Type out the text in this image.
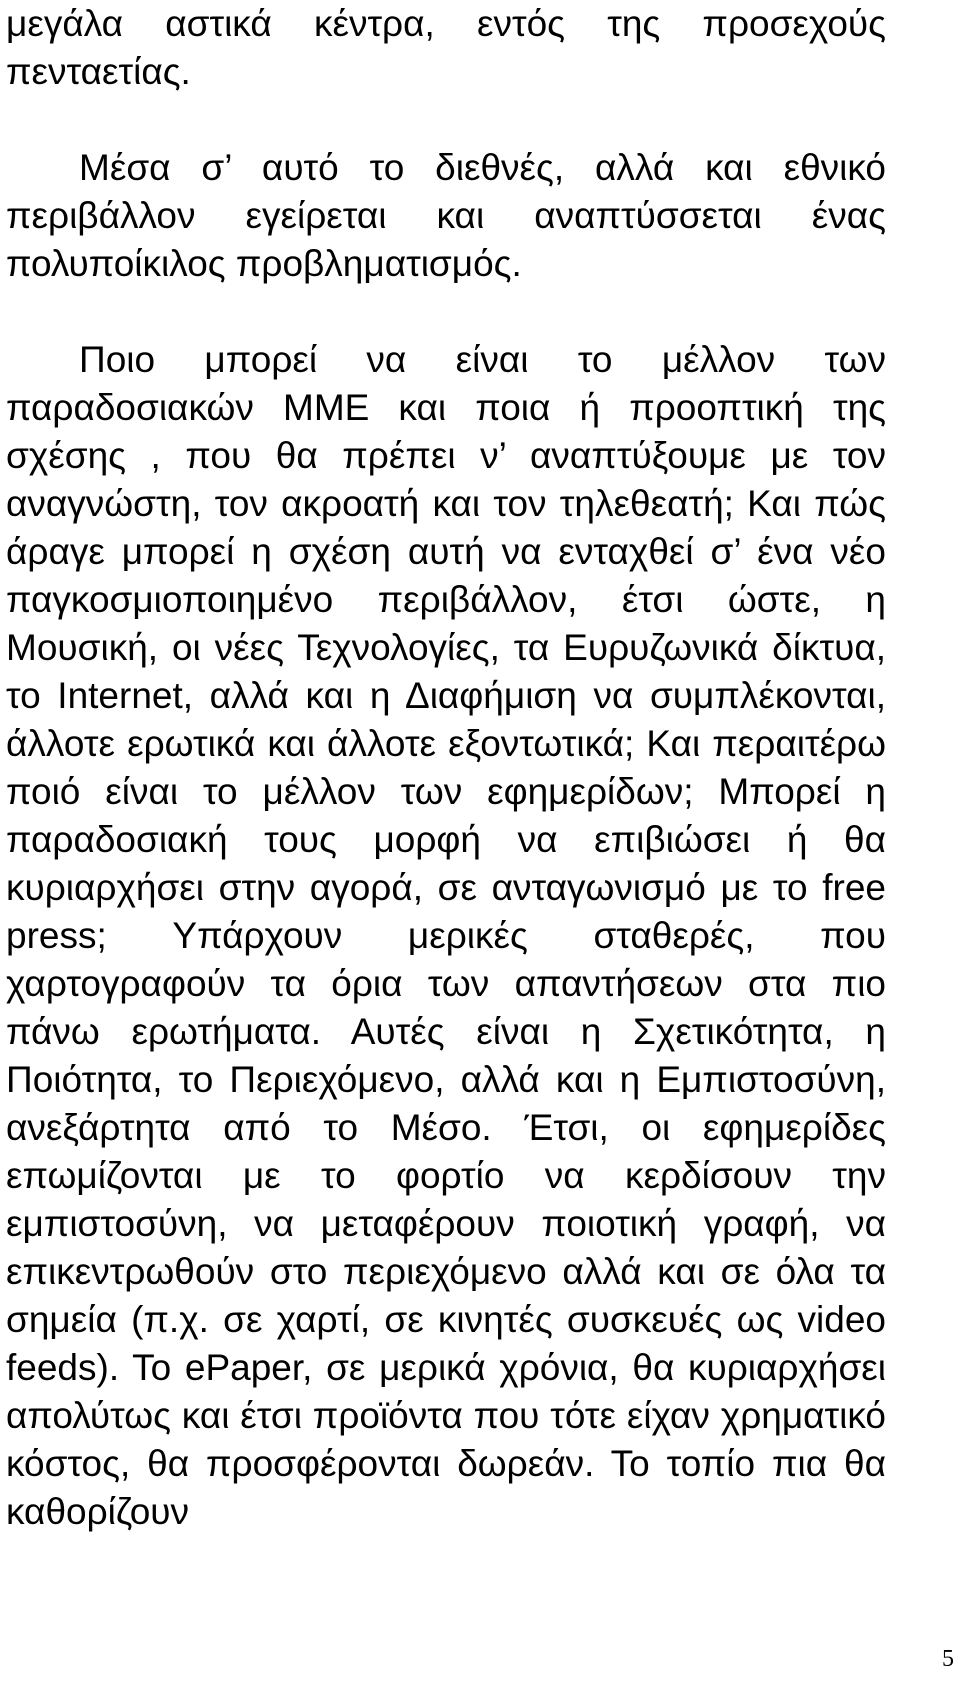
μεγάλα αστικά κέντρα, εντός της προσεχούς πενταετίας.

Μέσα σ’ αυτό το διεθνές, αλλά και εθνικό περιβάλλον εγείρεται και αναπτύσσεται ένας πολυποίκιλος προβληματισμός.

Ποιο μπορεί να είναι το μέλλον των παραδοσιακών ΜΜΕ και ποια ή προοπτική της σχέσης , που θα πρέπει ν’ αναπτύξουμε με τον αναγνώστη, τον ακροατή και τον τηλεθεατή; Και πώς άραγε μπορεί η σχέση αυτή να ενταχθεί σ’ ένα νέο παγκοσμιοποιημένο περιβάλλον, έτσι ώστε, η Μουσική, οι νέες Τεχνολογίες, τα Ευρυζωνικά δίκτυα, το Internet, αλλά και η Διαφήμιση να συμπλέκονται, άλλοτε ερωτικά και άλλοτε εξοντωτικά; Και περαιτέρω ποιό είναι το μέλλον των εφημερίδων; Μπορεί η παραδοσιακή τους μορφή να επιβιώσει ή θα κυριαρχήσει στην αγορά, σε ανταγωνισμό με το free press; Υπάρχουν μερικές σταθερές, που χαρτογραφούν τα όρια των απαντήσεων στα πιο πάνω ερωτήματα. Αυτές είναι η Σχετικότητα, η Ποιότητα, το Περιεχόμενο, αλλά και η Εμπιστοσύνη, ανεξάρτητα από το Μέσο. Έτσι, οι εφημερίδες επωμίζονται με το φορτίο να κερδίσουν την εμπιστοσύνη, να μεταφέρουν ποιοτική γραφή, να επικεντρωθούν στο περιεχόμενο αλλά και σε όλα τα σημεία (π.χ. σε χαρτί, σε κινητές συσκευές ως video feeds). Το ePaper, σε μερικά χρόνια, θα κυριαρχήσει απολύτως και έτσι προϊόντα που τότε είχαν χρηματικό κόστος, θα προσφέρονται δωρεάν. Το τοπίο πια θα καθορίζουν

5
